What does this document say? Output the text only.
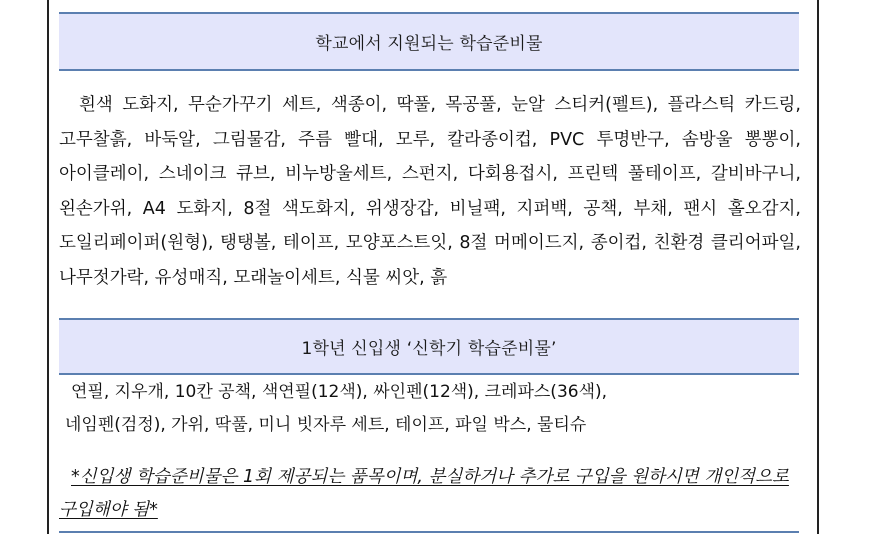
학교에서 지원되는 학습준비물

흰색 도화지, 무순가꾸기 세트, 색종이, 딱풀, 목공풀, 눈알 스티커(펠트), 플라스틱 카드링, 고무찰흙, 바둑알, 그림물감, 주름 빨대, 모루, 칼라종이컵, PVC 투명반구, 솜방울 뽕뽕이, 아이클레이, 스네이크 큐브, 비누방울세트, 스펀지, 다회용접시, 프린텍 풀테이프, 갈비바구니, 왼손가위, A4 도화지, 8절 색도화지, 위생장갑, 비닐팩, 지퍼백, 공책, 부채, 팬시 홀오감지, 도일리페이퍼(원형), 탱탱볼, 테이프, 모양포스트잇, 8절 머메이드지, 종이컵, 친환경 클리어파일, 나무젓가락, 유성매직, 모래놀이세트, 식물 씨앗, 흙

1학년 신입생 ‘신학기 학습준비물’
연필, 지우개, 10칸 공책, 색연필(12색), 싸인펜(12색), 크레파스(36색),
네임펜(검정), 가위, 딱풀, 미니 빗자루 세트, 테이프, 파일 박스, 물티슈
*신입생 학습준비물은 1회 제공되는 품목이며, 분실하거나 추가로 구입을 원하시면 개인적으로 구입해야 됨*
